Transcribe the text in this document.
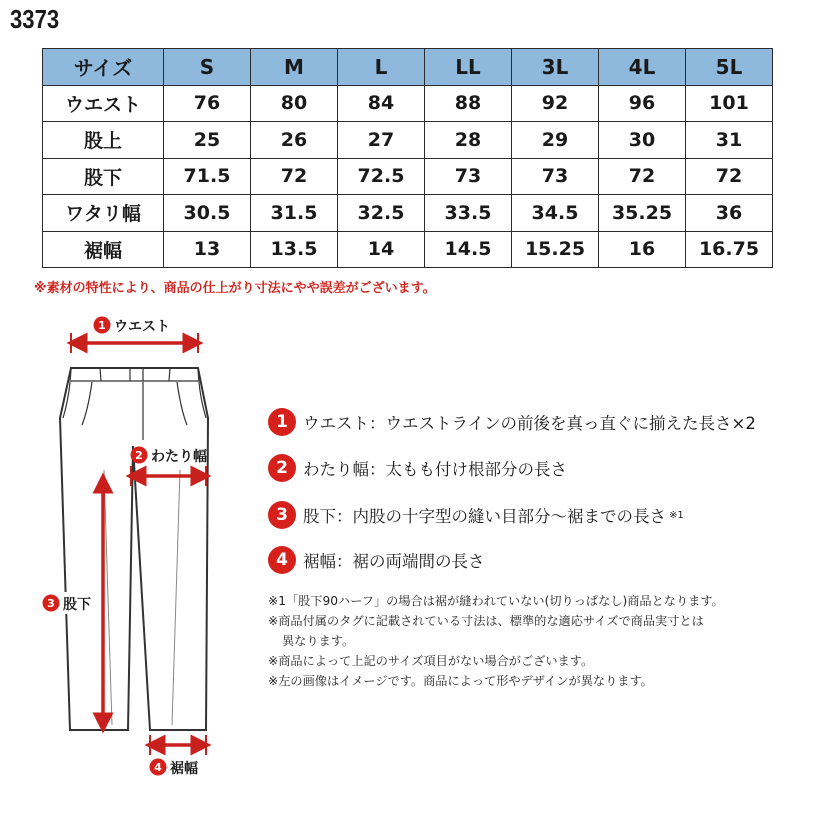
3373
サイズ	S	M	L	LL	3L	4L	5L
ウエスト	76	80	84	88	92	96	101
股上	25	26	27	28	29	30	31
股下	71.5	72	72.5	73	73	72	72
ワタリ幅	30.5	31.5	32.5	33.5	34.5	35.25	36
裾幅	13	13.5	14	14.5	15.25	16	16.75
※素材の特性により、商品の仕上がり寸法にやや誤差がございます。
1 ウエスト
2 わたり幅
3 股下
4 裾幅
1 ウエスト：ウエストラインの前後を真っ直ぐに揃えた長さ×2
2 わたり幅：太もも付け根部分の長さ
3 股下：内股の十字型の縫い目部分〜裾までの長さ ※1
4 裾幅：裾の両端間の長さ
※1「股下90ハーフ」の場合は裾が縫われていない(切りっぱなし)商品となります。
※商品付属のタグに記載されている寸法は、標準的な適応サイズで商品実寸とは
異なります。
※商品によって上記のサイズ項目がない場合がございます。
※左の画像はイメージです。商品によって形やデザインが異なります。
